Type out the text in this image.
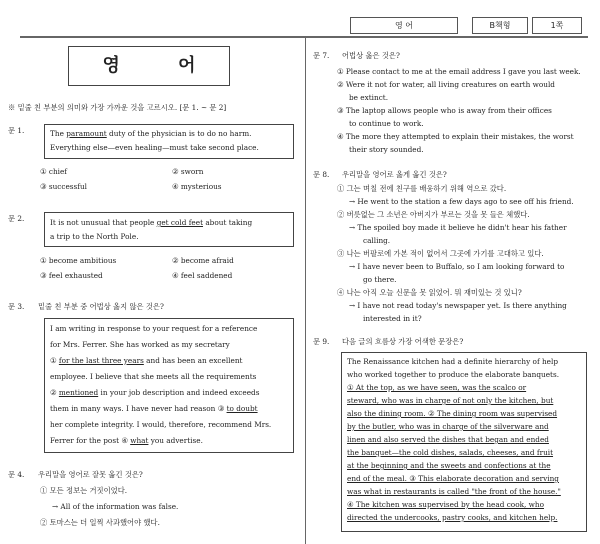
영 어	B책형	1쪽
영 어
※ 밑줄 친 부분의 의미와 가장 가까운 것을 고르시오. [문 1. ~ 문 2]
문 1.	The paramount duty of the physician is to do no harm.
Everything else—even healing—must take second place.
① chief	② sworn
③ successful	④ mysterious
문 2.	It is not unusual that people get cold feet about taking
a trip to the North Pole.
① become ambitious	② become afraid
③ feel exhausted	④ feel saddened
문 3. 밑줄 친 부분 중 어법상 옳지 않은 것은?
I am writing in response to your request for a reference
for Mrs. Ferrer. She has worked as my secretary
① for the last three years and has been an excellent
employee. I believe that she meets all the requirements
② mentioned in your job description and indeed exceeds
them in many ways. I have never had reason ③ to doubt
her complete integrity. I would, therefore, recommend Mrs.
Ferrer for the post ④ what you advertise.
문 4. 우리말을 영어로 잘못 옮긴 것은?
① 모든 정보는 거짓이었다.
→ All of the information was false.
② 토마스는 더 일찍 사과했어야 했다.
문 7. 어법상 옳은 것은?
① Please contact to me at the email address I gave you last week.
② Were it not for water, all living creatures on earth would
be extinct.
③ The laptop allows people who is away from their offices
to continue to work.
④ The more they attempted to explain their mistakes, the worst
their story sounded.
문 8. 우리말을 영어로 옳게 옮긴 것은?
① 그는 며칠 전에 친구를 배웅하기 위해 역으로 갔다.
→ He went to the station a few days ago to see off his friend.
② 버릇없는 그 소년은 아버지가 부르는 것을 못 들은 체했다.
→ The spoiled boy made it believe he didn't hear his father
calling.
③ 나는 버팔로에 가본 적이 없어서 그곳에 가기를 고대하고 있다.
→ I have never been to Buffalo, so I am looking forward to
go there.
④ 나는 아직 오늘 신문을 못 읽었어. 뭐 재미있는 것 있니?
→ I have not read today's newspaper yet. Is there anything
interested in it?
문 9. 다음 글의 흐름상 가장 어색한 문장은?
The Renaissance kitchen had a definite hierarchy of help
who worked together to produce the elaborate banquets.
① At the top, as we have seen, was the scalco or
steward, who was in charge of not only the kitchen, but
also the dining room. ② The dining room was supervised
by the butler, who was in charge of the silverware and
linen and also served the dishes that began and ended
the banquet—the cold dishes, salads, cheeses, and fruit
at the beginning and the sweets and confections at the
end of the meal. ③ This elaborate decoration and serving
was what in restaurants is called "the front of the house."
④ The kitchen was supervised by the head cook, who
directed the undercooks, pastry cooks, and kitchen help.
